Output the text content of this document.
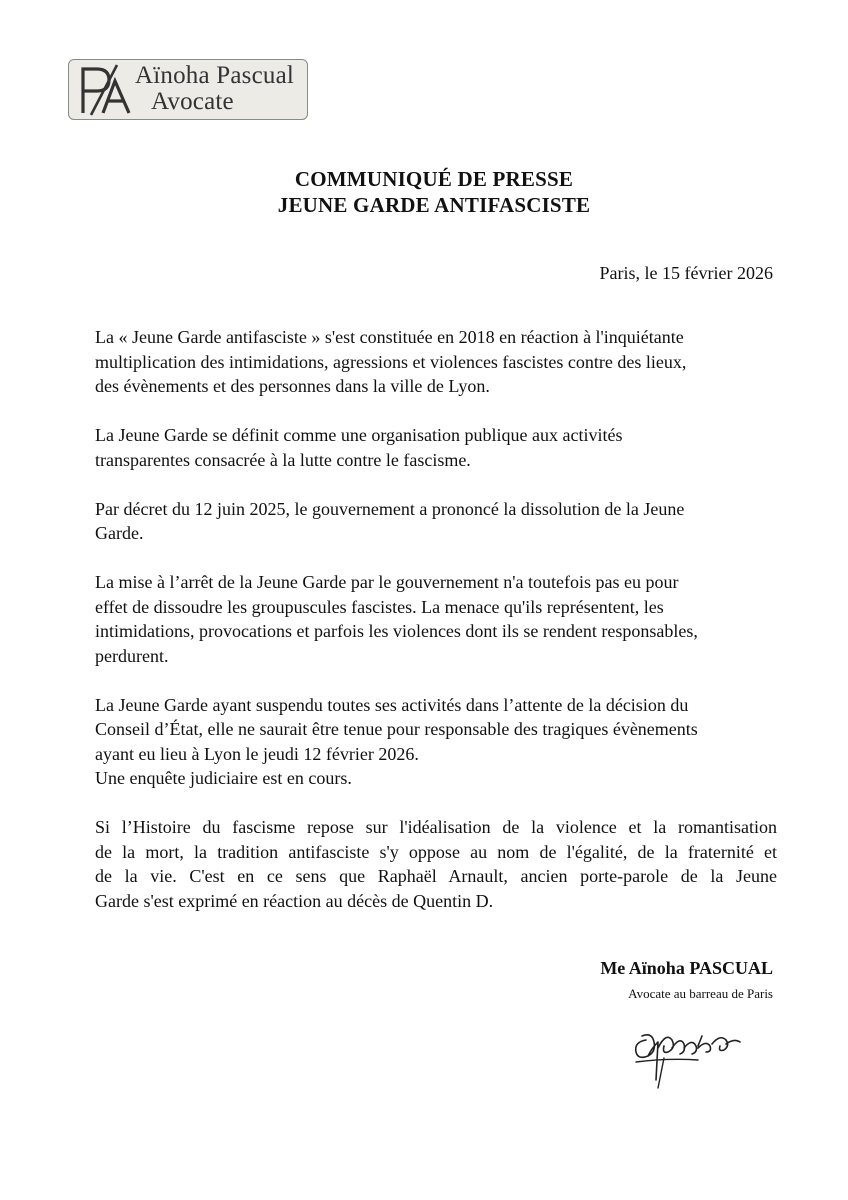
Aïnoha Pascual
Avocate
COMMUNIQUÉ DE PRESSE
JEUNE GARDE ANTIFASCISTE
Paris, le 15 février 2026

La « Jeune Garde antifasciste » s'est constituée en 2018 en réaction à l'inquiétante
multiplication des intimidations, agressions et violences fascistes contre des lieux,
des évènements et des personnes dans la ville de Lyon.

La Jeune Garde se définit comme une organisation publique aux activités
transparentes consacrée à la lutte contre le fascisme.

Par décret du 12 juin 2025, le gouvernement a prononcé la dissolution de la Jeune
Garde.

La mise à l’arrêt de la Jeune Garde par le gouvernement n'a toutefois pas eu pour
effet de dissoudre les groupuscules fascistes. La menace qu'ils représentent, les
intimidations, provocations et parfois les violences dont ils se rendent responsables,
perdurent.

La Jeune Garde ayant suspendu toutes ses activités dans l’attente de la décision du
Conseil d’État, elle ne saurait être tenue pour responsable des tragiques évènements
ayant eu lieu à Lyon le jeudi 12 février 2026.
Une enquête judiciaire est en cours.

Si l’Histoire du fascisme repose sur l'idéalisation de la violence et la romantisation
de la mort, la tradition antifasciste s'y oppose au nom de l'égalité, de la fraternité et
de la vie. C'est en ce sens que Raphaël Arnault, ancien porte-parole de la Jeune
Garde s'est exprimé en réaction au décès de Quentin D.

Me Aïnoha PASCUAL
Avocate au barreau de Paris
